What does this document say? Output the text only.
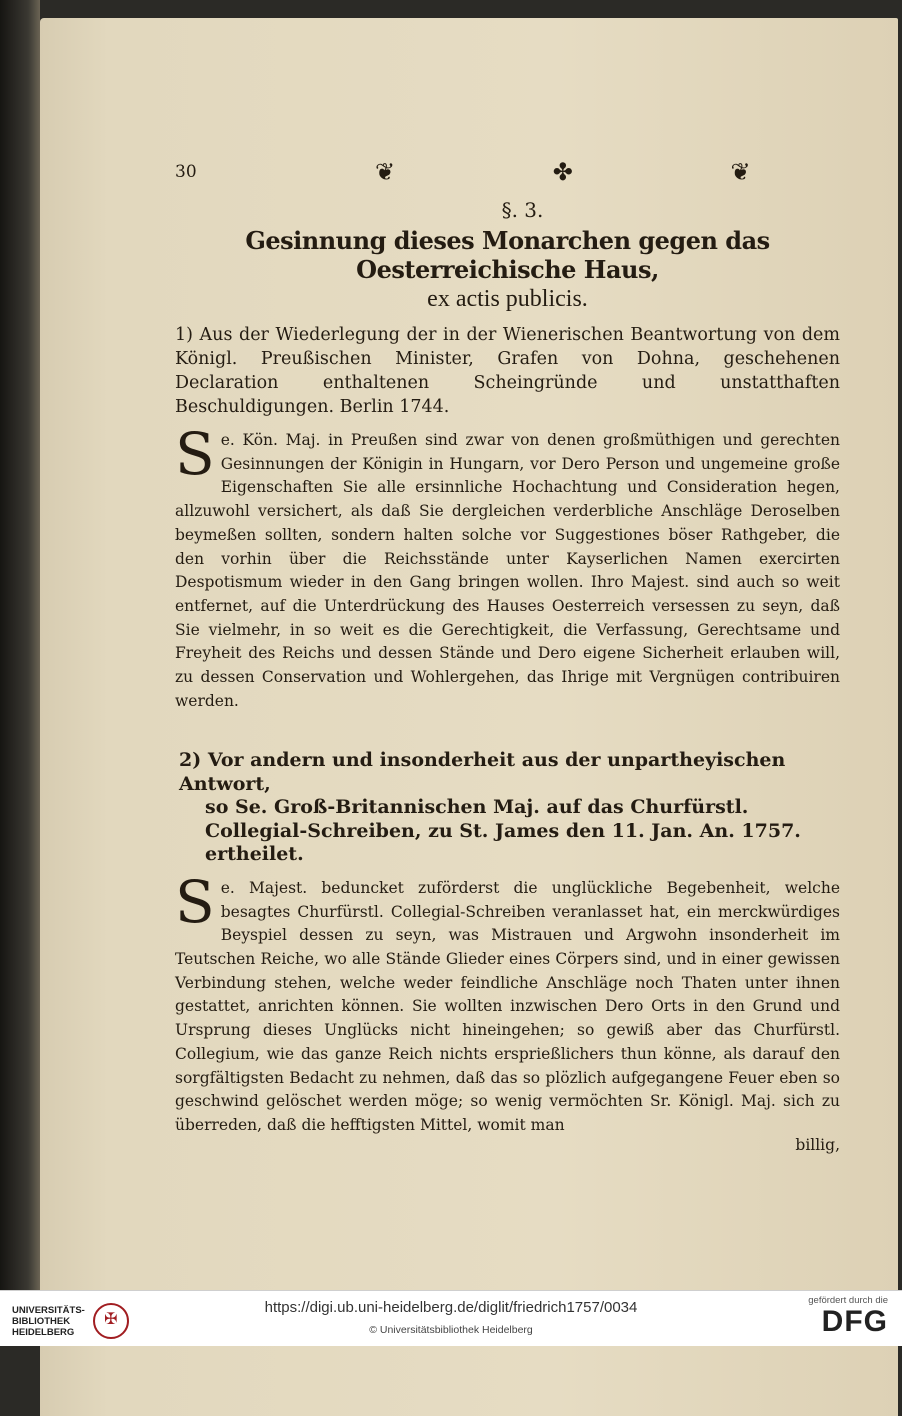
30	❦ ✤ ❦
§. 3.
Gesinnung dieses Monarchen gegen das Oesterreichische Haus,
ex actis publicis.
1) Aus der Wiederlegung der in der Wienerischen Beantwortung von dem Königl. Preußischen Minister, Grafen von Dohna, geschehenen Declaration enthaltenen Scheingründe und unstatthaften Beschuldigungen. Berlin 1744.
S e. Kön. Maj. in Preußen sind zwar von denen großmüthigen und gerechten Gesinnungen der Königin in Hungarn, vor Dero Person und ungemeine große Eigenschaften Sie alle ersinnliche Hochachtung und Consideration hegen, allzuwohl versichert, als daß Sie dergleichen verderbliche Anschläge Deroselben beymeßen sollten, sondern halten solche vor Suggestiones böser Rathgeber, die den vorhin über die Reichsstände unter Kayserlichen Namen exercirten Despotismum wieder in den Gang bringen wollen. Ihro Majest. sind auch so weit entfernet, auf die Unterdrückung des Hauses Oesterreich versessen zu seyn, daß Sie vielmehr, in so weit es die Gerechtigkeit, die Verfassung, Gerechtsame und Freyheit des Reichs und dessen Stände und Dero eigene Sicherheit erlauben will, zu dessen Conservation und Wohlergehen, das Ihrige mit Vergnügen contribuiren werden.
2) Vor andern und insonderheit aus der unpartheyischen Antwort,
so Se. Groß-Britannischen Maj. auf das Churfürstl. Collegial-Schreiben, zu St. James den 11. Jan. An. 1757. ertheilet.
S e. Majest. beduncket zuförderst die unglückliche Begebenheit, welche besagtes Churfürstl. Collegial-Schreiben veranlasset hat, ein merckwürdiges Beyspiel dessen zu seyn, was Mistrauen und Argwohn insonderheit im Teutschen Reiche, wo alle Stände Glieder eines Cörpers sind, und in einer gewissen Verbindung stehen, welche weder feindliche Anschläge noch Thaten unter ihnen gestattet, anrichten können. Sie wollten inzwischen Dero Orts in den Grund und Ursprung dieses Unglücks nicht hineingehen; so gewiß aber das Churfürstl. Collegium, wie das ganze Reich nichts ersprießlichers thun könne, als darauf den sorgfältigsten Bedacht zu nehmen, daß das so plözlich aufgegangene Feuer eben so geschwind gelöschet werden möge; so wenig vermöchten Sr. Königl. Maj. sich zu überreden, daß die hefftigsten Mittel, womit man
billig,
UNIVERSITÄTS-
BIBLIOTHEK
HEIDELBERG
✠
https://digi.ub.uni-heidelberg.de/diglit/friedrich1757/0034
© Universitätsbibliothek Heidelberg
gefördert durch die
DFG
